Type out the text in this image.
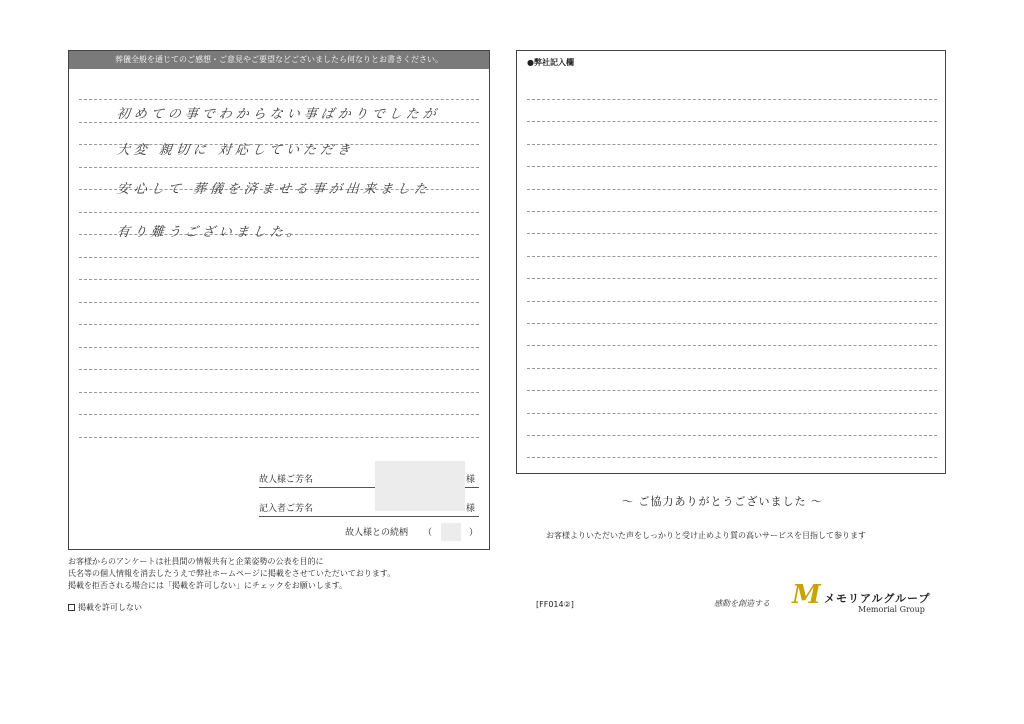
葬儀全般を通じてのご感想・ご意見やご要望などございましたら何なりとお書きください。
初めての事でわからない事ばかりでしたが
大変 親切に 対応していただき
安心して 葬儀を済ませる事が出来ました
有り難うございました。
故人様ご芳名	様
記入者ご芳名	様
故人様との続柄 （	）
●弊社記入欄
～ ご協力ありがとうございました ～
お客様よりいただいた声をしっかりと受け止めより質の高いサービスを目指して参ります
お客様からのアンケートは社員間の情報共有と企業姿勢の公表を目的に
氏名等の個人情報を消去したうえで弊社ホームページに掲載をさせていただいております。
掲載を拒否される場合には「掲載を許可しない」にチェックをお願いします。
掲載を許可しない	[FF014②]	感動を創造する M メモリアルグループ
Memorial Group
